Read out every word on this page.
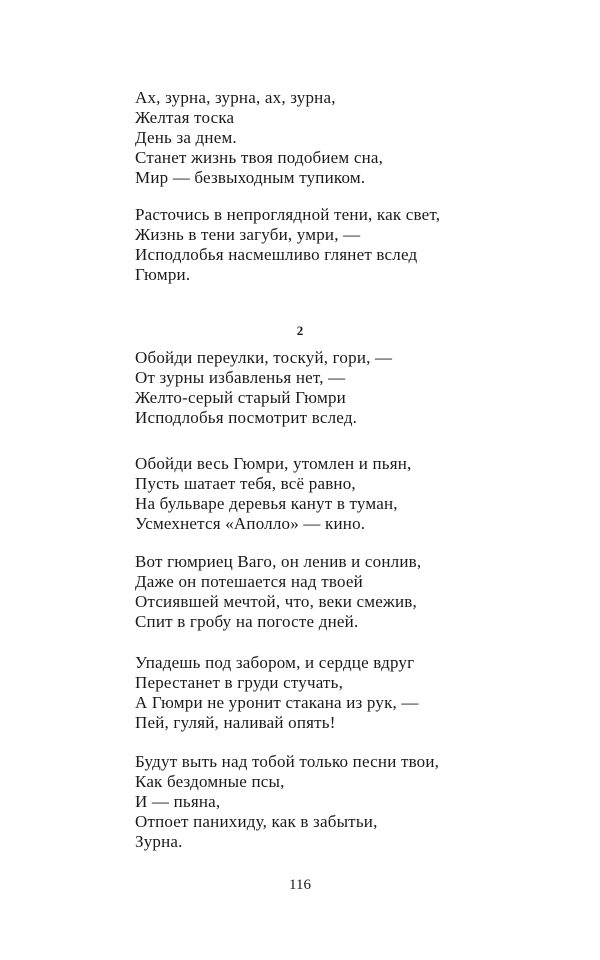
Ах, зурна, зурна, ах, зурна,
Желтая тоска
День за днем.
Станет жизнь твоя подобием сна,
Мир — безвыходным тупиком.
Расточись в непроглядной тени, как свет,
Жизнь в тени загуби, умри, —
Исподлобья насмешливо глянет вслед
Гюмри.
2
Обойди переулки, тоскуй, гори, —
От зурны избавленья нет, —
Желто-серый старый Гюмри
Исподлобья посмотрит вслед.
Обойди весь Гюмри, утомлен и пьян,
Пусть шатает тебя, всё равно,
На бульваре деревья канут в туман,
Усмехнется «Аполло» — кино.
Вот гюмриец Ваго, он ленив и сонлив,
Даже он потешается над твоей
Отсиявшей мечтой, что, веки смежив,
Спит в гробу на погосте дней.
Упадешь под забором, и сердце вдруг
Перестанет в груди стучать,
А Гюмри не уронит стакана из рук, —
Пей, гуляй, наливай опять!
Будут выть над тобой только песни твои,
Как бездомные псы,
И — пьяна,
Отпоет панихиду, как в забытьи,
Зурна.
116
